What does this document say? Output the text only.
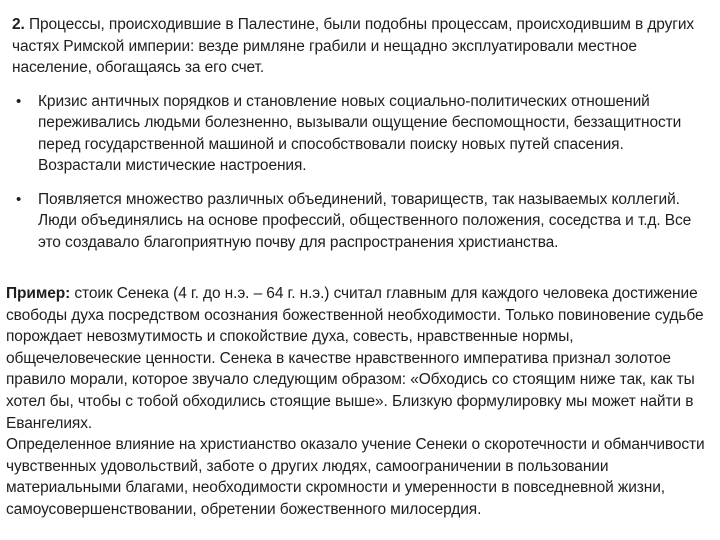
2. Процессы, происходившие в Палестине, были подобны процессам, происходившим в других частях Римской империи: везде римляне грабили и нещадно эксплуатировали местное население, обогащаясь за его счет.

• Кризис античных порядков и становление новых социально-политических отношений переживались людьми болезненно, вызывали ощущение беспомощности, беззащитности перед государственной машиной и способствовали поиску новых путей спасения. Возрастали мистические настроения.
• Появляется множество различных объединений, товариществ, так называемых коллегий. Люди объединялись на основе профессий, общественного положения, соседства и т.д. Все это создавало благоприятную почву для распространения христианства.

Пример: стоик Сенека (4 г. до н.э. – 64 г. н.э.) считал главным для каждого человека достижение свободы духа посредством осознания божественной необходимости. Только повиновение судьбе порождает невозмутимость и спокойствие духа, совесть, нравственные нормы, общечеловеческие ценности. Сенека в качестве нравственного императива признал золотое правило морали, которое звучало следующим образом: «Обходись со стоящим ниже так, как ты хотел бы, чтобы с тобой обходились стоящие выше». Близкую формулировку мы может найти в Евангелиях.

Определенное влияние на христианство оказало учение Сенеки о скоротечности и обманчивости чувственных удовольствий, заботе о других людях, самоограничении в пользовании материальными благами, необходимости скромности и умеренности в повседневной жизни, самоусовершенствовании, обретении божественного милосердия.
